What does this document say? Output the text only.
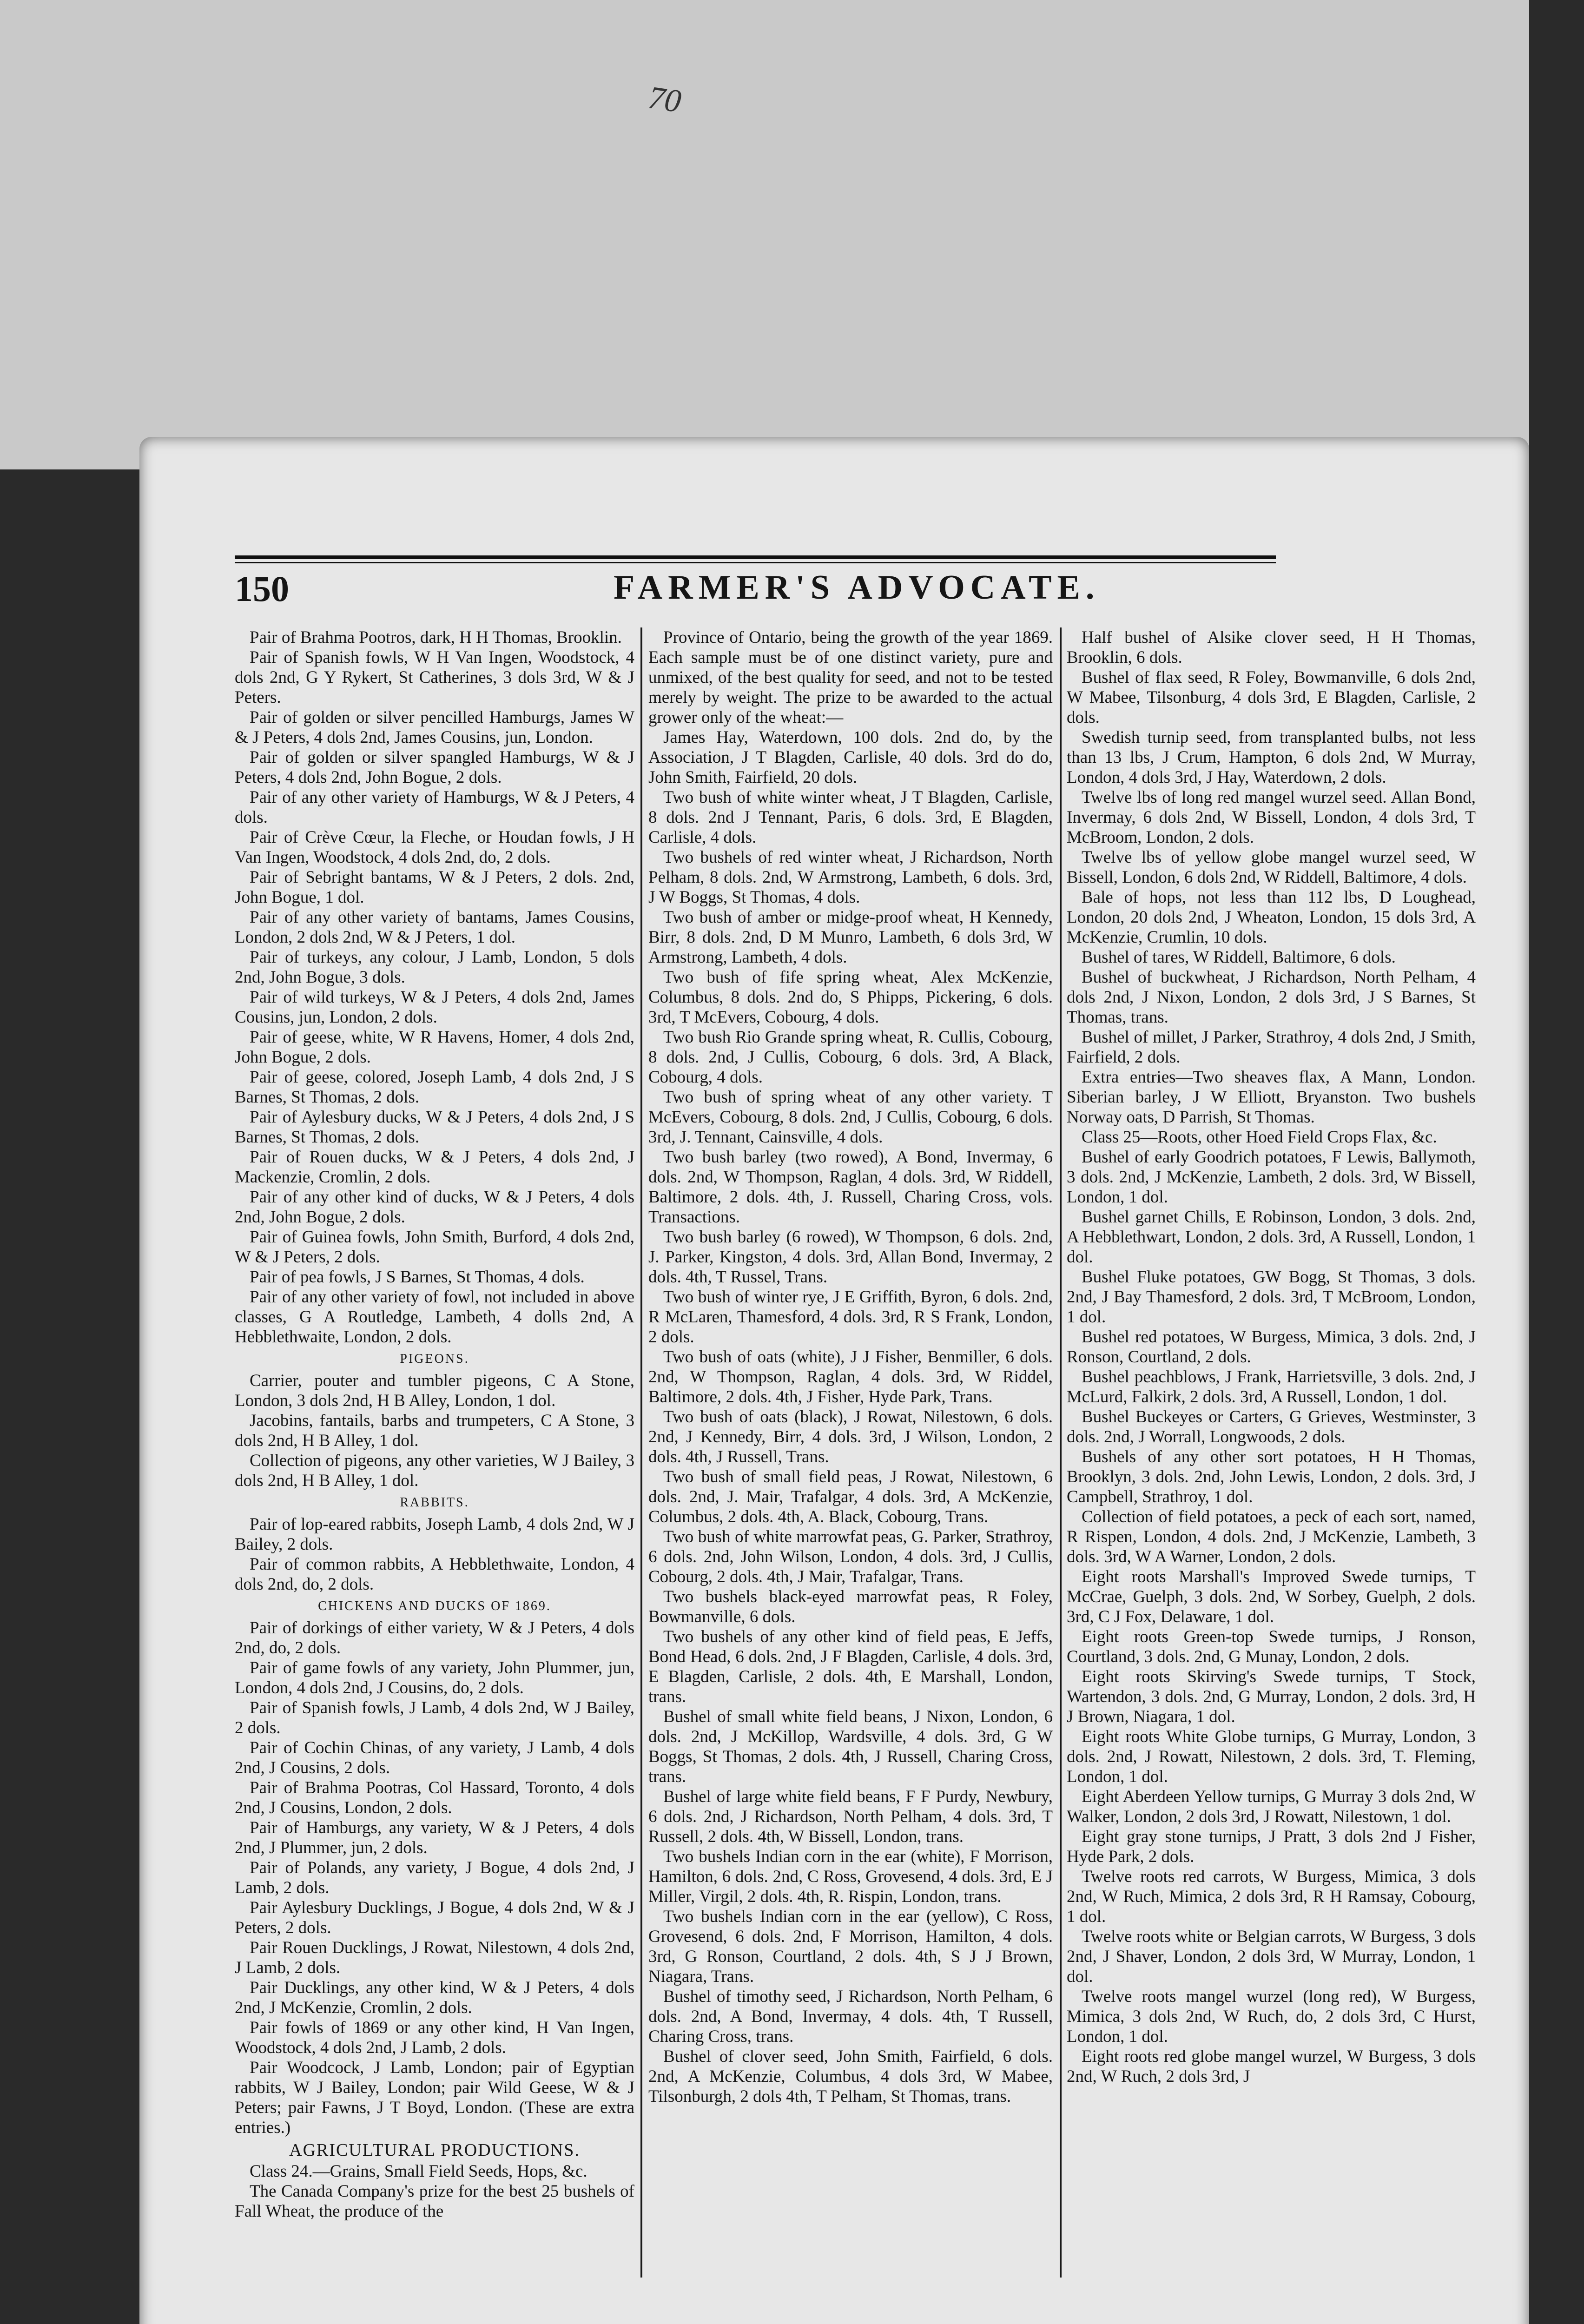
70
150	FARMER'S ADVOCATE.

Pair of Brahma Pootros, dark, H H Thomas, Brooklin.

Pair of Spanish fowls, W H Van Ingen, Woodstock, 4 dols 2nd, G Y Rykert, St Catherines, 3 dols 3rd, W & J Peters.

Pair of golden or silver pencilled Hamburgs, James W & J Peters, 4 dols 2nd, James Cousins, jun, London.

Pair of golden or silver spangled Hamburgs, W & J Peters, 4 dols 2nd, John Bogue, 2 dols.

Pair of any other variety of Hamburgs, W & J Peters, 4 dols.

Pair of Crève Cœur, la Fleche, or Houdan fowls, J H Van Ingen, Woodstock, 4 dols 2nd, do, 2 dols.

Pair of Sebright bantams, W & J Peters, 2 dols. 2nd, John Bogue, 1 dol.

Pair of any other variety of bantams, James Cousins, London, 2 dols 2nd, W & J Peters, 1 dol.

Pair of turkeys, any colour, J Lamb, London, 5 dols 2nd, John Bogue, 3 dols.

Pair of wild turkeys, W & J Peters, 4 dols 2nd, James Cousins, jun, London, 2 dols.

Pair of geese, white, W R Havens, Homer, 4 dols 2nd, John Bogue, 2 dols.

Pair of geese, colored, Joseph Lamb, 4 dols 2nd, J S Barnes, St Thomas, 2 dols.

Pair of Aylesbury ducks, W & J Peters, 4 dols 2nd, J S Barnes, St Thomas, 2 dols.

Pair of Rouen ducks, W & J Peters, 4 dols 2nd, J Mackenzie, Cromlin, 2 dols.

Pair of any other kind of ducks, W & J Peters, 4 dols 2nd, John Bogue, 2 dols.

Pair of Guinea fowls, John Smith, Burford, 4 dols 2nd, W & J Peters, 2 dols.

Pair of pea fowls, J S Barnes, St Thomas, 4 dols.

Pair of any other variety of fowl, not included in above classes, G A Routledge, Lambeth, 4 dolls 2nd, A Hebblethwaite, London, 2 dols.

PIGEONS.

Carrier, pouter and tumbler pigeons, C A Stone, London, 3 dols 2nd, H B Alley, London, 1 dol.

Jacobins, fantails, barbs and trumpeters, C A Stone, 3 dols 2nd, H B Alley, 1 dol.

Collection of pigeons, any other varieties, W J Bailey, 3 dols 2nd, H B Alley, 1 dol.

RABBITS.

Pair of lop-eared rabbits, Joseph Lamb, 4 dols 2nd, W J Bailey, 2 dols.

Pair of common rabbits, A Hebblethwaite, London, 4 dols 2nd, do, 2 dols.

CHICKENS AND DUCKS OF 1869.

Pair of dorkings of either variety, W & J Peters, 4 dols 2nd, do, 2 dols.

Pair of game fowls of any variety, John Plummer, jun, London, 4 dols 2nd, J Cousins, do, 2 dols.

Pair of Spanish fowls, J Lamb, 4 dols 2nd, W J Bailey, 2 dols.

Pair of Cochin Chinas, of any variety, J Lamb, 4 dols 2nd, J Cousins, 2 dols.

Pair of Brahma Pootras, Col Hassard, Toronto, 4 dols 2nd, J Cousins, London, 2 dols.

Pair of Hamburgs, any variety, W & J Peters, 4 dols 2nd, J Plummer, jun, 2 dols.

Pair of Polands, any variety, J Bogue, 4 dols 2nd, J Lamb, 2 dols.

Pair Aylesbury Ducklings, J Bogue, 4 dols 2nd, W & J Peters, 2 dols.

Pair Rouen Ducklings, J Rowat, Nilestown, 4 dols 2nd, J Lamb, 2 dols.

Pair Ducklings, any other kind, W & J Peters, 4 dols 2nd, J McKenzie, Cromlin, 2 dols.

Pair fowls of 1869 or any other kind, H Van Ingen, Woodstock, 4 dols 2nd, J Lamb, 2 dols.

Pair Woodcock, J Lamb, London; pair of Egyptian rabbits, W J Bailey, London; pair Wild Geese, W & J Peters; pair Fawns, J T Boyd, London. (These are extra entries.)

AGRICULTURAL PRODUCTIONS.

Class 24.—Grains, Small Field Seeds, Hops, &c.

The Canada Company's prize for the best 25 bushels of Fall Wheat, the produce of the

Province of Ontario, being the growth of the year 1869. Each sample must be of one distinct variety, pure and unmixed, of the best quality for seed, and not to be tested merely by weight. The prize to be awarded to the actual grower only of the wheat:—

James Hay, Waterdown, 100 dols. 2nd do, by the Association, J T Blagden, Carlisle, 40 dols. 3rd do do, John Smith, Fairfield, 20 dols.

Two bush of white winter wheat, J T Blagden, Carlisle, 8 dols. 2nd J Tennant, Paris, 6 dols. 3rd, E Blagden, Carlisle, 4 dols.

Two bushels of red winter wheat, J Richardson, North Pelham, 8 dols. 2nd, W Armstrong, Lambeth, 6 dols. 3rd, J W Boggs, St Thomas, 4 dols.

Two bush of amber or midge-proof wheat, H Kennedy, Birr, 8 dols. 2nd, D M Munro, Lambeth, 6 dols 3rd, W Armstrong, Lambeth, 4 dols.

Two bush of fife spring wheat, Alex McKenzie, Columbus, 8 dols. 2nd do, S Phipps, Pickering, 6 dols. 3rd, T McEvers, Cobourg, 4 dols.

Two bush Rio Grande spring wheat, R. Cullis, Cobourg, 8 dols. 2nd, J Cullis, Cobourg, 6 dols. 3rd, A Black, Cobourg, 4 dols.

Two bush of spring wheat of any other variety. T McEvers, Cobourg, 8 dols. 2nd, J Cullis, Cobourg, 6 dols. 3rd, J. Tennant, Cainsville, 4 dols.

Two bush barley (two rowed), A Bond, Invermay, 6 dols. 2nd, W Thompson, Raglan, 4 dols. 3rd, W Riddell, Baltimore, 2 dols. 4th, J. Russell, Charing Cross, vols. Transactions.

Two bush barley (6 rowed), W Thompson, 6 dols. 2nd, J. Parker, Kingston, 4 dols. 3rd, Allan Bond, Invermay, 2 dols. 4th, T Russel, Trans.

Two bush of winter rye, J E Griffith, Byron, 6 dols. 2nd, R McLaren, Thamesford, 4 dols. 3rd, R S Frank, London, 2 dols.

Two bush of oats (white), J J Fisher, Benmiller, 6 dols. 2nd, W Thompson, Raglan, 4 dols. 3rd, W Riddel, Baltimore, 2 dols. 4th, J Fisher, Hyde Park, Trans.

Two bush of oats (black), J Rowat, Nilestown, 6 dols. 2nd, J Kennedy, Birr, 4 dols. 3rd, J Wilson, London, 2 dols. 4th, J Russell, Trans.

Two bush of small field peas, J Rowat, Nilestown, 6 dols. 2nd, J. Mair, Trafalgar, 4 dols. 3rd, A McKenzie, Columbus, 2 dols. 4th, A. Black, Cobourg, Trans.

Two bush of white marrowfat peas, G. Parker, Strathroy, 6 dols. 2nd, John Wilson, London, 4 dols. 3rd, J Cullis, Cobourg, 2 dols. 4th, J Mair, Trafalgar, Trans.

Two bushels black-eyed marrowfat peas, R Foley, Bowmanville, 6 dols.

Two bushels of any other kind of field peas, E Jeffs, Bond Head, 6 dols. 2nd, J F Blagden, Carlisle, 4 dols. 3rd, E Blagden, Carlisle, 2 dols. 4th, E Marshall, London, trans.

Bushel of small white field beans, J Nixon, London, 6 dols. 2nd, J McKillop, Wardsville, 4 dols. 3rd, G W Boggs, St Thomas, 2 dols. 4th, J Russell, Charing Cross, trans.

Bushel of large white field beans, F F Purdy, Newbury, 6 dols. 2nd, J Richardson, North Pelham, 4 dols. 3rd, T Russell, 2 dols. 4th, W Bissell, London, trans.

Two bushels Indian corn in the ear (white), F Morrison, Hamilton, 6 dols. 2nd, C Ross, Grovesend, 4 dols. 3rd, E J Miller, Virgil, 2 dols. 4th, R. Rispin, London, trans.

Two bushels Indian corn in the ear (yellow), C Ross, Grovesend, 6 dols. 2nd, F Morrison, Hamilton, 4 dols. 3rd, G Ronson, Courtland, 2 dols. 4th, S J J Brown, Niagara, Trans.

Bushel of timothy seed, J Richardson, North Pelham, 6 dols. 2nd, A Bond, Invermay, 4 dols. 4th, T Russell, Charing Cross, trans.

Bushel of clover seed, John Smith, Fairfield, 6 dols. 2nd, A McKenzie, Columbus, 4 dols 3rd, W Mabee, Tilsonburgh, 2 dols 4th, T Pelham, St Thomas, trans.

Half bushel of Alsike clover seed, H H Thomas, Brooklin, 6 dols.

Bushel of flax seed, R Foley, Bowmanville, 6 dols 2nd, W Mabee, Tilsonburg, 4 dols 3rd, E Blagden, Carlisle, 2 dols.

Swedish turnip seed, from transplanted bulbs, not less than 13 lbs, J Crum, Hampton, 6 dols 2nd, W Murray, London, 4 dols 3rd, J Hay, Waterdown, 2 dols.

Twelve lbs of long red mangel wurzel seed. Allan Bond, Invermay, 6 dols 2nd, W Bissell, London, 4 dols 3rd, T McBroom, London, 2 dols.

Twelve lbs of yellow globe mangel wurzel seed, W Bissell, London, 6 dols 2nd, W Riddell, Baltimore, 4 dols.

Bale of hops, not less than 112 lbs, D Loughead, London, 20 dols 2nd, J Wheaton, London, 15 dols 3rd, A McKenzie, Crumlin, 10 dols.

Bushel of tares, W Riddell, Baltimore, 6 dols.

Bushel of buckwheat, J Richardson, North Pelham, 4 dols 2nd, J Nixon, London, 2 dols 3rd, J S Barnes, St Thomas, trans.

Bushel of millet, J Parker, Strathroy, 4 dols 2nd, J Smith, Fairfield, 2 dols.

Extra entries—Two sheaves flax, A Mann, London. Siberian barley, J W Elliott, Bryanston. Two bushels Norway oats, D Parrish, St Thomas.

Class 25—Roots, other Hoed Field Crops Flax, &c.

Bushel of early Goodrich potatoes, F Lewis, Ballymoth, 3 dols. 2nd, J McKenzie, Lambeth, 2 dols. 3rd, W Bissell, London, 1 dol.

Bushel garnet Chills, E Robinson, London, 3 dols. 2nd, A Hebblethwart, London, 2 dols. 3rd, A Russell, London, 1 dol.

Bushel Fluke potatoes, GW Bogg, St Thomas, 3 dols. 2nd, J Bay Thamesford, 2 dols. 3rd, T McBroom, London, 1 dol.

Bushel red potatoes, W Burgess, Mimica, 3 dols. 2nd, J Ronson, Courtland, 2 dols.

Bushel peachblows, J Frank, Harrietsville, 3 dols. 2nd, J McLurd, Falkirk, 2 dols. 3rd, A Russell, London, 1 dol.

Bushel Buckeyes or Carters, G Grieves, Westminster, 3 dols. 2nd, J Worrall, Longwoods, 2 dols.

Bushels of any other sort potatoes, H H Thomas, Brooklyn, 3 dols. 2nd, John Lewis, London, 2 dols. 3rd, J Campbell, Strathroy, 1 dol.

Collection of field potatoes, a peck of each sort, named, R Rispen, London, 4 dols. 2nd, J McKenzie, Lambeth, 3 dols. 3rd, W A Warner, London, 2 dols.

Eight roots Marshall's Improved Swede turnips, T McCrae, Guelph, 3 dols. 2nd, W Sorbey, Guelph, 2 dols. 3rd, C J Fox, Delaware, 1 dol.

Eight roots Green-top Swede turnips, J Ronson, Courtland, 3 dols. 2nd, G Munay, London, 2 dols.

Eight roots Skirving's Swede turnips, T Stock, Wartendon, 3 dols. 2nd, G Murray, London, 2 dols. 3rd, H J Brown, Niagara, 1 dol.

Eight roots White Globe turnips, G Murray, London, 3 dols. 2nd, J Rowatt, Nilestown, 2 dols. 3rd, T. Fleming, London, 1 dol.

Eight Aberdeen Yellow turnips, G Murray 3 dols 2nd, W Walker, London, 2 dols 3rd, J Rowatt, Nilestown, 1 dol.

Eight gray stone turnips, J Pratt, 3 dols 2nd J Fisher, Hyde Park, 2 dols.

Twelve roots red carrots, W Burgess, Mimica, 3 dols 2nd, W Ruch, Mimica, 2 dols 3rd, R H Ramsay, Cobourg, 1 dol.

Twelve roots white or Belgian carrots, W Burgess, 3 dols 2nd, J Shaver, London, 2 dols 3rd, W Murray, London, 1 dol.

Twelve roots mangel wurzel (long red), W Burgess, Mimica, 3 dols 2nd, W Ruch, do, 2 dols 3rd, C Hurst, London, 1 dol.

Eight roots red globe mangel wurzel, W Burgess, 3 dols 2nd, W Ruch, 2 dols 3rd, J
